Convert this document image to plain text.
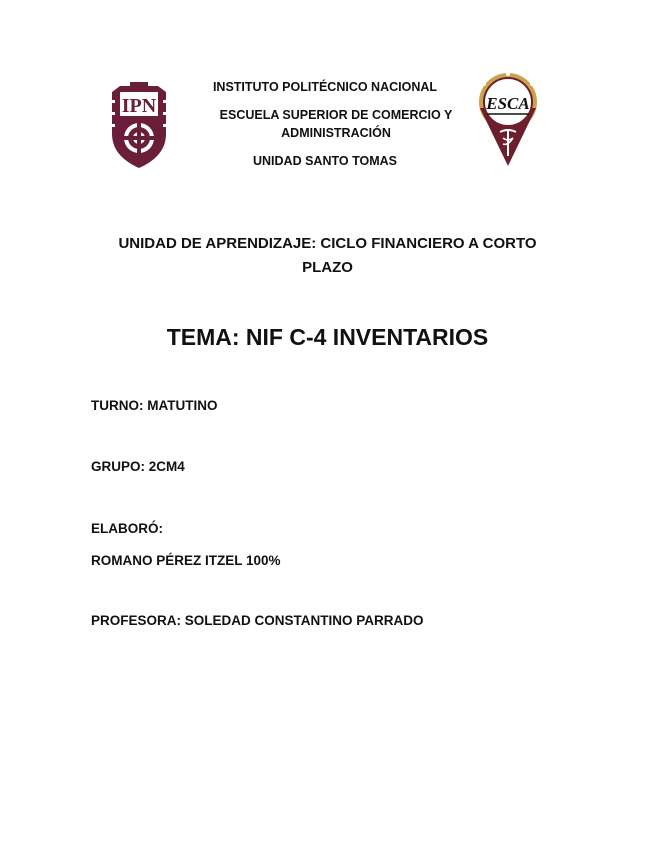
IPN
INSTITUTO POLITÉCNICO NACIONAL
ESCUELA SUPERIOR DE COMERCIO Y
ADMINISTRACIÓN
UNIDAD SANTO TOMAS
ESCA
UNIDAD DE APRENDIZAJE: CICLO FINANCIERO A CORTO
PLAZO
TEMA: NIF C-4 INVENTARIOS
TURNO: MATUTINO
GRUPO: 2CM4
ELABORÓ:
ROMANO PÉREZ ITZEL 100%
PROFESORA: SOLEDAD CONSTANTINO PARRADO
